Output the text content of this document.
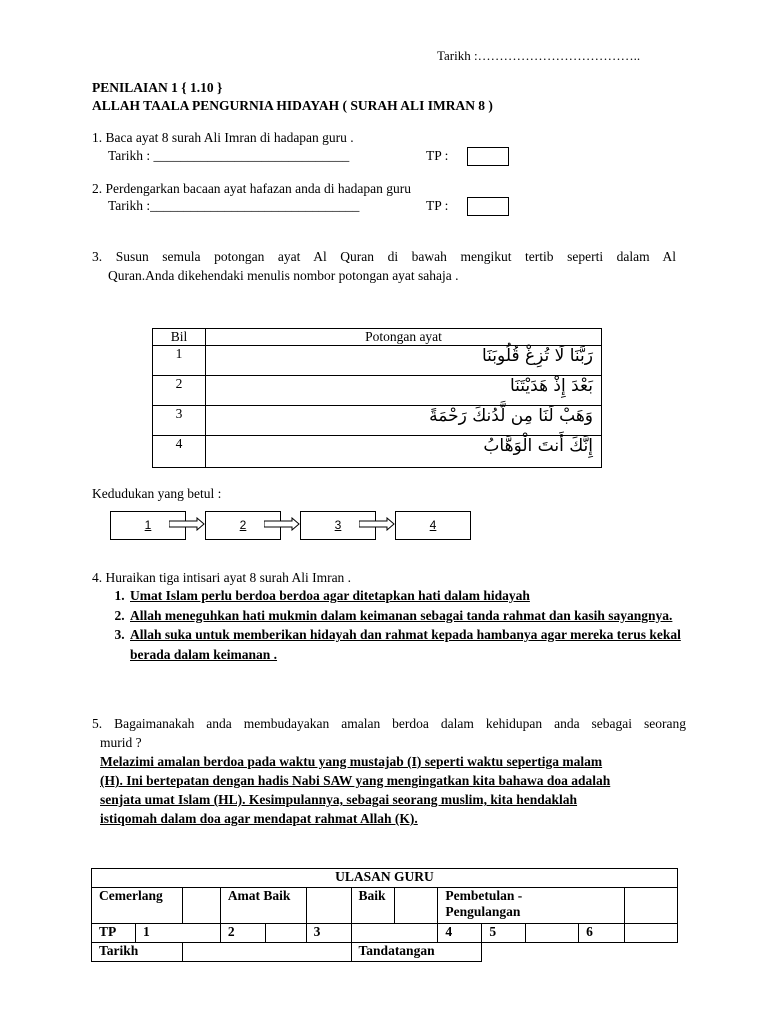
Tarikh :………………………………..
PENILAIAN 1 { 1.10 }
ALLAH TAALA PENGURNIA HIDAYAH ( SURAH ALI IMRAN 8 )
1. Baca ayat 8 surah Ali Imran di hadapan guru .
Tarikh : _____________________________	TP :
2. Perdengarkan bacaan ayat hafazan anda di hadapan guru
Tarikh :_______________________________	TP :
3. Susun semula potongan ayat Al Quran di bawah mengikut tertib seperti dalam Al
Quran.Anda dikehendaki menulis nombor potongan ayat sahaja .
Bil	Potongan ayat
1	رَبَّنَا لَا تُزِغْ قُلُوبَنَا
2	بَعْدَ إِذْ هَدَيْتَنَا
3	وَهَبْ لَنَا مِن لَّدُنكَ رَحْمَةً
4	إِنَّكَ أَنتَ الْوَهَّابُ
Kedudukan yang betul :
1	2	3	4
4. Huraikan tiga intisari ayat 8 surah Ali Imran .
1. Umat Islam perlu berdoa berdoa agar ditetapkan hati dalam hidayah
2. Allah meneguhkan hati mukmin dalam keimanan sebagai tanda rahmat dan kasih sayangnya.
3. Allah suka untuk memberikan hidayah dan rahmat kepada hambanya agar mereka terus kekal berada dalam keimanan .
5. Bagaimanakah anda membudayakan amalan berdoa dalam kehidupan anda sebagai seorang
murid ?
Melazimi amalan berdoa pada waktu yang mustajab (I) seperti waktu sepertiga malam
(H). Ini bertepatan dengan hadis Nabi SAW yang mengingatkan kita bahawa doa adalah
senjata umat Islam (HL). Kesimpulannya, sebagai seorang muslim, kita hendaklah
istiqomah dalam doa agar mendapat rahmat Allah (K).
ULASAN GURU												
Cemerlang			Amat Baik			Baik		Pembetulan -
Pengulangan				

TP	1		2		3			4	5		6	
Tarikh						Tandatangan						
